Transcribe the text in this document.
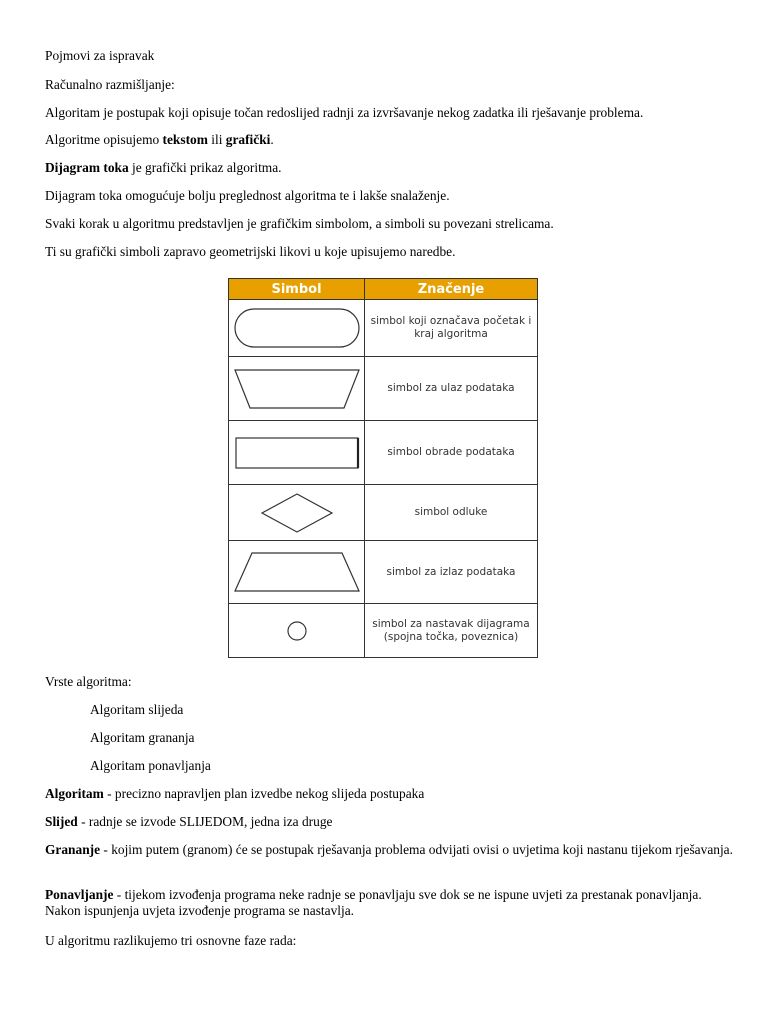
Pojmovi za ispravak
Računalno razmišljanje:
Algoritam je postupak koji opisuje točan redoslijed radnji za izvršavanje nekog zadatka ili rješavanje problema.
Algoritme opisujemo tekstom ili grafički.
Dijagram toka je grafički prikaz algoritma.
Dijagram toka omogućuje bolju preglednost algoritma te i lakše snalaženje.
Svaki korak u algoritmu predstavljen je grafičkim simbolom, a simboli su povezani strelicama.
Ti su grafički simboli zapravo geometrijski likovi u koje upisujemo naredbe.
Simbol	Značenje

	simbol koji označava početak i kraj algoritma

	simbol za ulaz podataka

	simbol obrade podataka

	simbol odluke

	simbol za izlaz podataka

	simbol za nastavak dijagrama (spojna točka, poveznica)
Vrste algoritma:
Algoritam slijeda
Algoritam grananja
Algoritam ponavljanja
Algoritam - precizno napravljen plan izvedbe nekog slijeda postupaka
Slijed - radnje se izvode SLIJEDOM, jedna iza druge
Grananje - kojim putem (granom) će se postupak rješavanja problema odvijati ovisi o uvjetima koji nastanu tijekom rješavanja.
Ponavljanje - tijekom izvođenja programa neke radnje se ponavljaju sve dok se ne ispune uvjeti za prestanak ponavljanja. Nakon ispunjenja uvjeta izvođenje programa se nastavlja.
U algoritmu razlikujemo tri osnovne faze rada:
